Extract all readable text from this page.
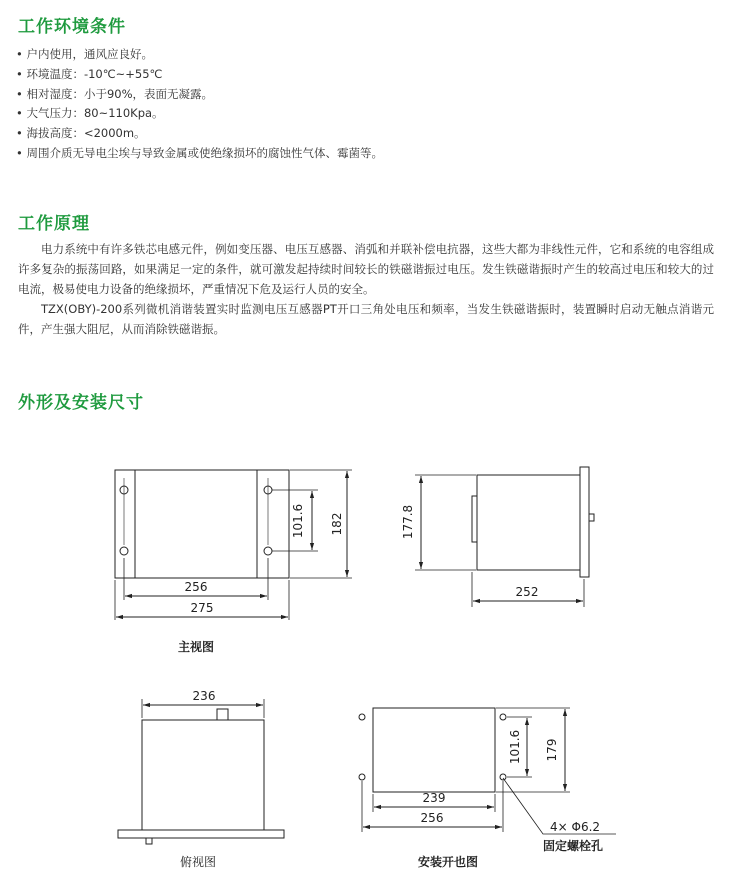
工作环境条件
• 户内使用，通风应良好。
• 环境温度：-10℃~+55℃
• 相对湿度：小于90%，表面无凝露。
• 大气压力：80~110Kpa。
• 海拔高度：<2000m。
• 周围介质无导电尘埃与导致金属或使绝缘损坏的腐蚀性气体、霉菌等。
工作原理

电力系统中有许多铁芯电感元件，例如变压器、电压互感器、消弧和并联补偿电抗器，这些大都为非线性元件，它和系统的电容组成许多复杂的振荡回路，如果满足一定的条件，就可激发起持续时间较长的铁磁谐振过电压。发生铁磁谐振时产生的较高过电压和较大的过电流，极易使电力设备的绝缘损坏，严重情况下危及运行人员的安全。

TZX(OBY)-200系列微机消谐装置实时监测电压互感器PT开口三角处电压和频率，当发生铁磁谐振时，装置瞬时启动无触点消谐元件，产生强大阻尼，从而消除铁磁谐振。

外形及安装尺寸
256
275
101.6 182
主视图
177.8
252
236
俯视图
239
256
101.6 179
4× Φ6.2
固定螺栓孔
安装开也图
